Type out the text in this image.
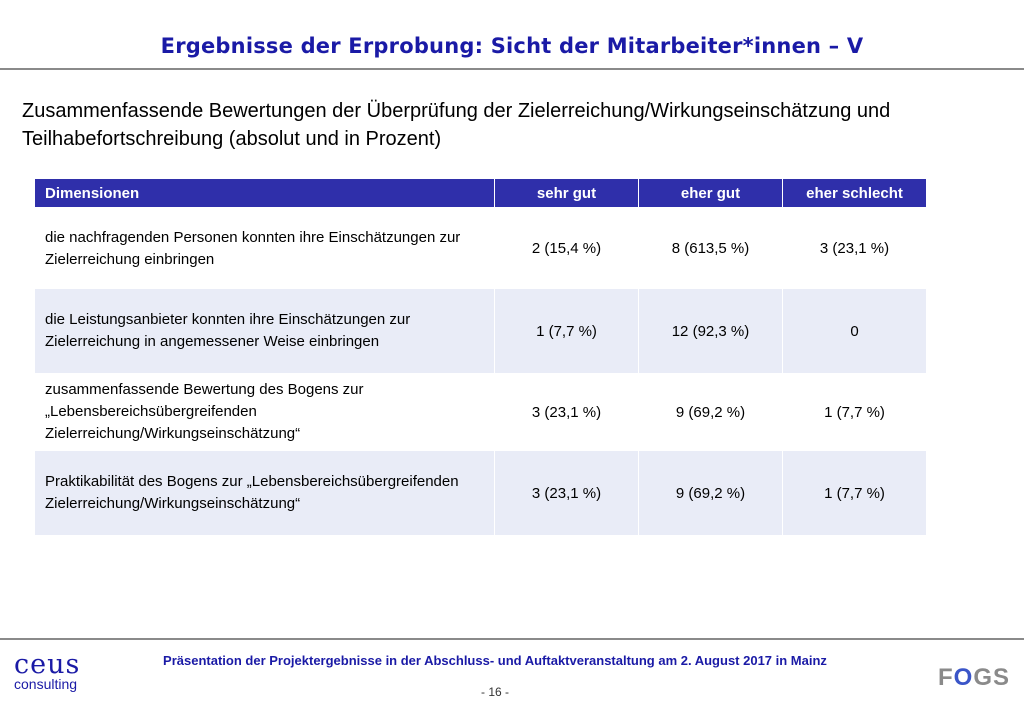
Ergebnisse der Erprobung: Sicht der Mitarbeiter*innen – V
Zusammenfassende Bewertungen der Überprüfung der Zielerreichung/Wirkungseinschätzung und Teilhabefortschreibung (absolut und in Prozent)
Dimensionen	sehr gut	eher gut	eher schlecht
die nachfragenden Personen konnten ihre Einschätzungen zur Zielerreichung einbringen	2 (15,4 %)	8 (613,5 %)	3 (23,1 %)
die Leistungsanbieter konnten ihre Einschätzungen zur Zielerreichung in angemessener Weise einbringen	1 (7,7 %)	12 (92,3 %)	0
zusammenfassende Bewertung des Bogens zur „Lebensbereichsübergreifenden Zielerreichung/Wirkungseinschätzung“	3 (23,1 %)	9 (69,2 %)	1 (7,7 %)
Praktikabilität des Bogens zur „Lebensbereichsübergreifenden Zielerreichung/Wirkungseinschätzung“	3 (23,1 %)	9 (69,2 %)	1 (7,7 %)
ceus
consulting
Präsentation der Projektergebnisse in der Abschluss- und Auftaktveranstaltung am 2. August 2017 in Mainz
- 16 -
FOGS
